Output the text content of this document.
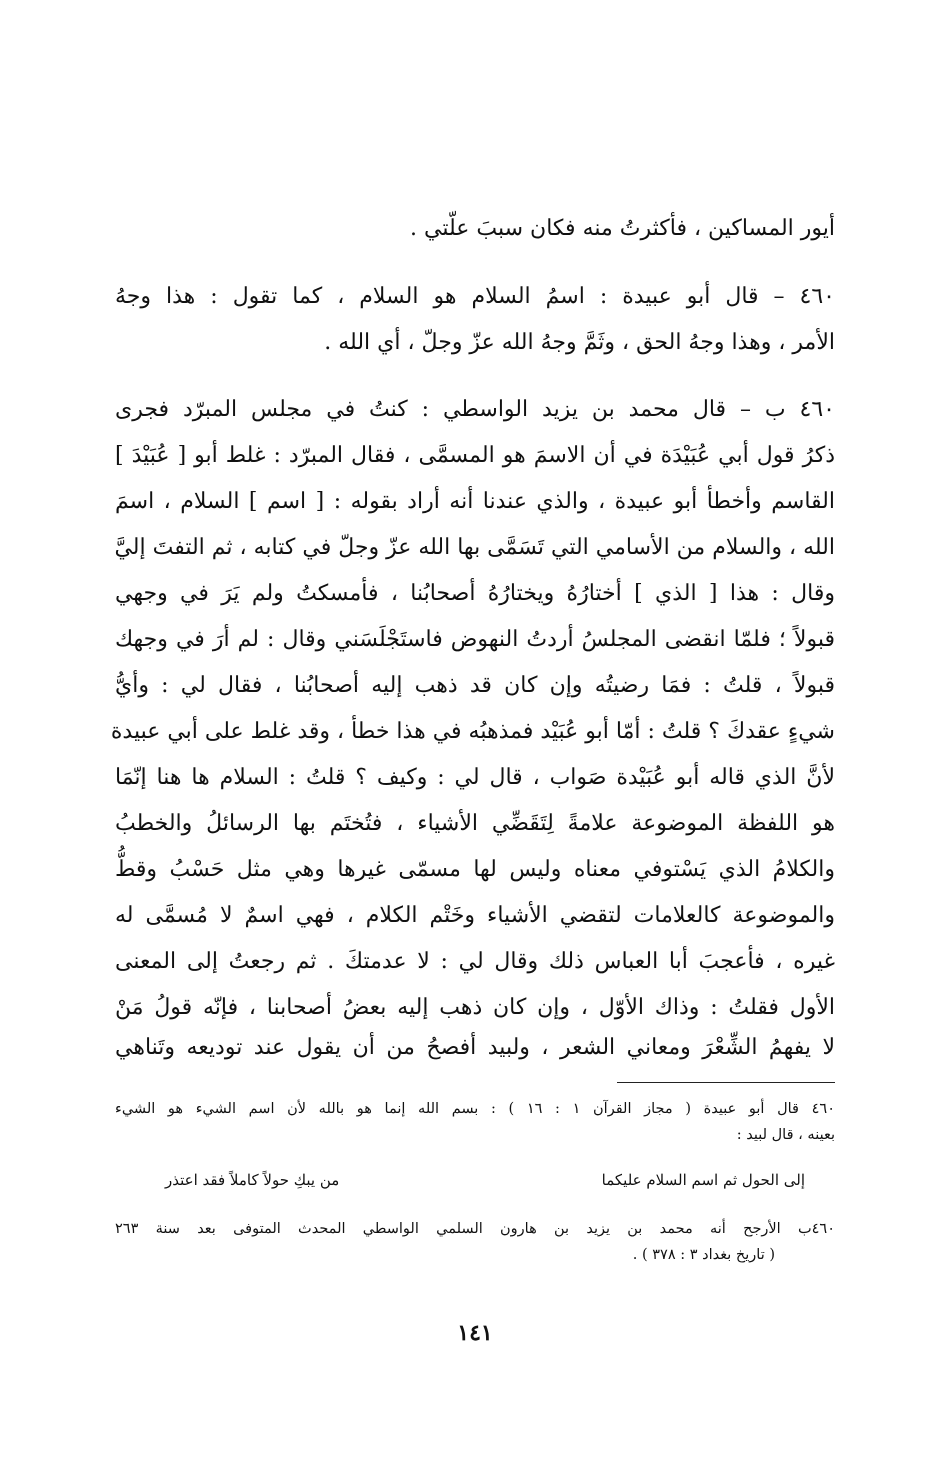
أيور المساكين ، فأكثرتُ منه فكان سببَ علّتي .
٤٦٠ – قال أبو عبيدة : اسمُ السلام هو السلام ، كما تقول : هذا وجهُ
الأمر ، وهذا وجهُ الحق ، وثَمَّ وجهُ الله عزّ وجلّ ، أي الله .
٤٦٠ ب – قال محمد بن يزيد الواسطي : كنتُ في مجلس المبرّد فجرى
ذكرُ قول أبي عُبَيْدَة في أن الاسمَ هو المسمَّى ، فقال المبرّد : غلط أبو [ عُبَيْدَ ]
القاسم وأخطأ أبو عبيدة ، والذي عندنا أنه أراد بقوله : [ اسم ] السلام ، اسمَ
الله ، والسلام من الأسامي التي تَسَمَّى بها الله عزّ وجلّ في كتابه ، ثم التفتَ إليَّ
وقال : هذا [ الذي ] أختارُهُ ويختارُهُ أصحابُنا ، فأمسكتُ ولم يَرَ في وجهي
قبولاً ؛ فلمّا انقضى المجلسُ أردتُ النهوض فاستَجْلَسَني وقال : لم أرَ في وجهك
قبولاً ، قلتُ : فمَا رضيتُه وإن كان قد ذهب إليه أصحابُنا ، فقال لي : وأيُّ
شيءٍ عقدكَ ؟ قلتُ : أمّا أبو عُبَيْد فمذهبُه في هذا خطأ ، وقد غلط على أبي عبيدة
لأنَّ الذي قاله أبو عُبَيْدة صَواب ، قال لي : وكيف ؟ قلتُ : السلام ها هنا إنّمَا
هو اللفظة الموضوعة علامةً لِتَقَضِّي الأشياء ، فتُختَم بها الرسائلُ والخطبُ
والكلامُ الذي يَسْتوفي معناه وليس لها مسمّى غيرها وهي مثل حَسْبُ وقطُّ
والموضوعة كالعلامات لتقضي الأشياء وخَتْم الكلام ، فهي اسمٌ لا مُسمَّى له
غيره ، فأعجبَ أبا العباس ذلك وقال لي : لا عدمتكَ . ثم رجعتُ إلى المعنى
الأول فقلتُ : وذاك الأوّل ، وإن كان ذهب إليه بعضُ أصحابنا ، فإنّه قولُ مَنْ
لا يفهمُ الشِّعْرَ ومعاني الشعر ، ولبيد أفصحُ من أن يقول عند توديعه وتَناهي
٤٦٠ قال أبو عبيدة ( مجاز القرآن ١ : ١٦ ) : بسم الله إنما هو بالله لأن اسم الشيء هو الشيء
بعينه ، قال لبيد :
إلى الحول ثم اسم السلام عليكما
من يبكِ حولاً كاملاً فقد اعتذر
٤٦٠ب الأرجح أنه محمد بن يزيد بن هارون السلمي الواسطي المحدث المتوفى بعد سنة ٢٦٣
( تاريخ بغداد ٣ : ٣٧٨ ) .
١٤١
